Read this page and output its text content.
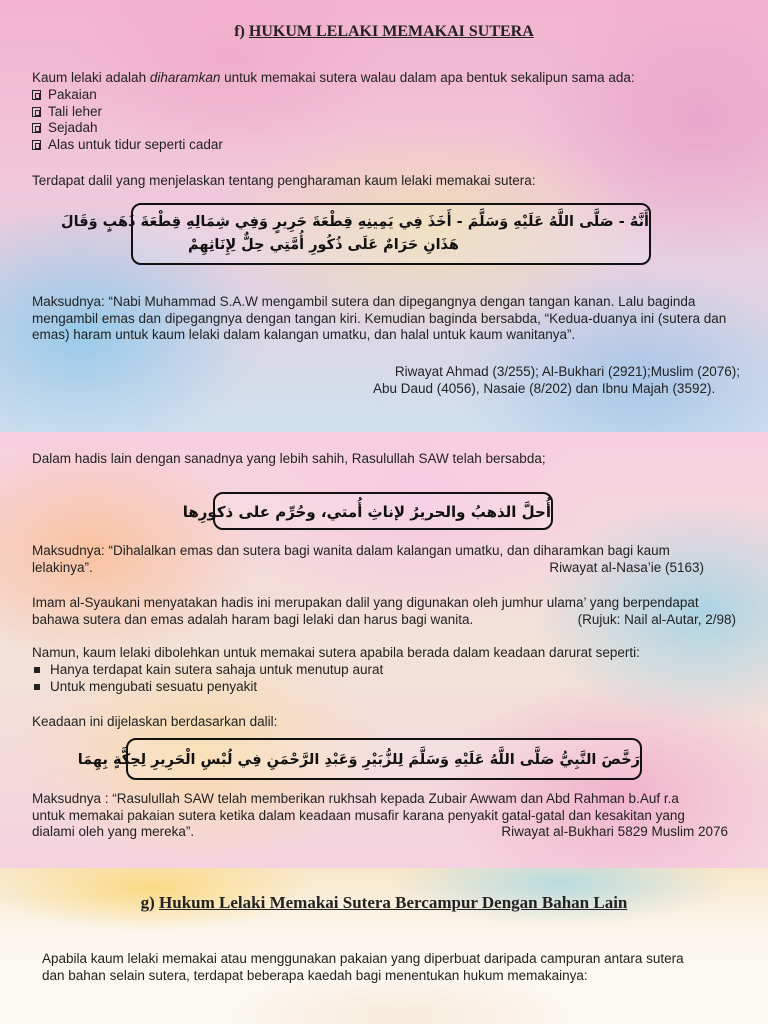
f) HUKUM LELAKI MEMAKAI SUTERA
Kaum lelaki adalah diharamkan untuk memakai sutera walau dalam apa bentuk sekalipun sama ada:
Pakaian
Tali leher
Sejadah
Alas untuk tidur seperti cadar
Terdapat dalil yang menjelaskan tentang pengharaman kaum lelaki memakai sutera:
أَنَّهُ - صَلَّى اللَّهُ عَلَيْهِ وَسَلَّمَ - أَخَذَ فِي يَمِينِهِ قِطْعَةَ حَرِيرٍ وَفِي شِمَالِهِ قِطْعَةَ ذَهَبٍ وَقَالَ
هَذَانِ حَرَامٌ عَلَى ذُكُورِ أُمَّتِي حِلٌّ لِإِنَاثِهِمْ
Maksudnya: “Nabi Muhammad S.A.W mengambil sutera dan dipegangnya dengan tangan kanan. Lalu baginda mengambil emas dan dipegangnya dengan tangan kiri. Kemudian baginda bersabda, “Kedua-duanya ini (sutera dan emas) haram untuk kaum lelaki dalam kalangan umatku, dan halal untuk kaum wanitanya”.
Riwayat Ahmad (3/255); Al-Bukhari (2921);Muslim (2076);
Abu Daud (4056), Nasaie (8/202) dan Ibnu Majah (3592).
Dalam hadis lain dengan sanadnya yang lebih sahih, Rasulullah SAW telah bersabda;
أُحلَّ الذهبُ والحريرُ لإناثِ أُمتي، وحُرِّم على ذكورِها
Maksudnya: “Dihalalkan emas dan sutera bagi wanita dalam kalangan umatku, dan diharamkan bagi kaum
lelakinya”.	Riwayat al-Nasa’ie (5163)
Imam al-Syaukani menyatakan hadis ini merupakan dalil yang digunakan oleh jumhur ulama’ yang berpendapat
bahawa sutera dan emas adalah haram bagi lelaki dan harus bagi wanita.	(Rujuk: Nail al-Autar, 2/98)
Namun, kaum lelaki dibolehkan untuk memakai sutera apabila berada dalam keadaan darurat seperti:
Hanya terdapat kain sutera sahaja untuk menutup aurat
Untuk mengubati sesuatu penyakit
Keadaan ini dijelaskan berdasarkan dalil:
رَخَّصَ النَّبِيُّ صَلَّى اللَّهُ عَلَيْهِ وَسَلَّمَ لِلزُّبَيْرِ وَعَبْدِ الرَّحْمَنِ فِي لُبْسِ الْحَرِيرِ لِحِكَّةٍ بِهِمَا
Maksudnya : “Rasulullah SAW telah memberikan rukhsah kepada Zubair Awwam dan Abd Rahman b.Auf r.a
untuk memakai pakaian sutera ketika dalam keadaan musafir karana penyakit gatal-gatal dan kesakitan yang
dialami oleh yang mereka”.	Riwayat al-Bukhari 5829 Muslim 2076
g) Hukum Lelaki Memakai Sutera Bercampur Dengan Bahan Lain
Apabila kaum lelaki memakai atau menggunakan pakaian yang diperbuat daripada campuran antara sutera
dan bahan selain sutera, terdapat beberapa kaedah bagi menentukan hukum memakainya:
